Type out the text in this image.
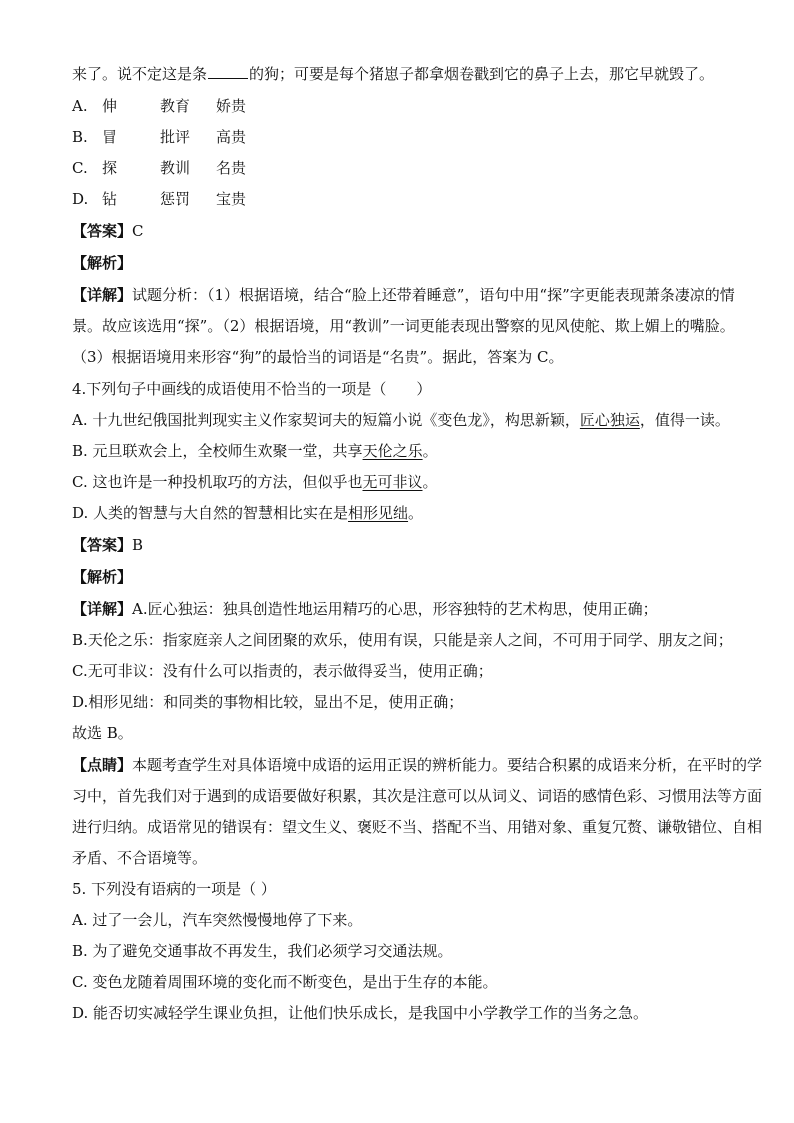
来了。说不定这是条	的狗；可要是每个猪崽子都拿烟卷戳到它的鼻子上去，那它早就毁了。
A. 伸	教育 娇贵
B. 冒	批评 高贵
C. 探	教训 名贵
D. 钻	惩罚 宝贵
【答案】C
【解析】
【详解】试题分析：（1）根据语境，结合“脸上还带着睡意”，语句中用“探”字更能表现萧条凄凉的情
景。故应该选用“探”。（2）根据语境，用“教训”一词更能表现出警察的见风使舵、欺上媚上的嘴脸。
（3）根据语境用来形容“狗”的最恰当的词语是“名贵”。据此，答案为 C。
4.下列句子中画线的成语使用不恰当的一项是（　　）
A. 十九世纪俄国批判现实主义作家契诃夫的短篇小说《变色龙》，构思新颖，匠心独运，值得一读。
B. 元旦联欢会上，全校师生欢聚一堂，共享天伦之乐。
C. 这也许是一种投机取巧的方法，但似乎也无可非议。
D. 人类的智慧与大自然的智慧相比实在是相形见绌。
【答案】B
【解析】
【详解】A.匠心独运：独具创造性地运用精巧的心思，形容独特的艺术构思，使用正确；
B.天伦之乐：指家庭亲人之间团聚的欢乐，使用有误，只能是亲人之间，不可用于同学、朋友之间；
C.无可非议：没有什么可以指责的，表示做得妥当，使用正确；
D.相形见绌：和同类的事物相比较，显出不足，使用正确；
故选 B。
【点睛】本题考查学生对具体语境中成语的运用正误的辨析能力。要结合积累的成语来分析，在平时的学
习中，首先我们对于遇到的成语要做好积累，其次是注意可以从词义、词语的感情色彩、习惯用法等方面
进行归纳。成语常见的错误有：望文生义、褒贬不当、搭配不当、用错对象、重复冗赘、谦敬错位、自相
矛盾、不合语境等。
5. 下列没有语病的一项是（ ）
A. 过了一会儿，汽车突然慢慢地停了下来。
B. 为了避免交通事故不再发生，我们必须学习交通法规。
C. 变色龙随着周围环境的变化而不断变色，是出于生存的本能。
D. 能否切实减轻学生课业负担，让他们快乐成长，是我国中小学教学工作的当务之急。
